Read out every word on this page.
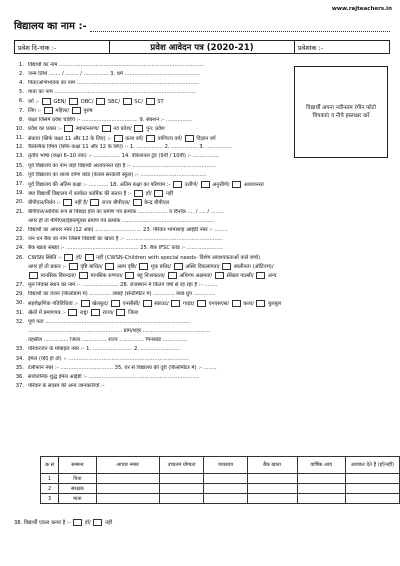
www.rajteachers.in
विद्यालय का नाम :-
प्रवेश दि-नांक :-	प्रवेश आवेदन पत्र (2020-21)	प्रवेशांक :-
विद्यार्थी अपना नवीनतम रंगीन फोटो चिपकाएं व नीचे हस्ताक्षर करें
1. विद्यार्थी का नाम ........................................................................................
2. जन्म तिथि ....... / ........ / ............... 3. धर्म ..............................................
4. पिता/अभिभावक का नाम ..........................................................................
5. माता का नाम ......................................................................................
6. वर्ग :-  GEN/  OBC/  SBC/  SC/  ST
7. लिंग :-  महिला/  पुरुष
8. कक्षा जिसमें प्रवेश चाहिये :- .................................. 9. सेक्शन :- ................
10. प्रवेश का प्रकार :-  स्थानान्तरण/  नव प्रवेश/  पुन: प्रवेश
11. संकाय (सिर्फ कक्षा 11 और 12 के लिए) :-  कला वर्ग/  वाणिज्य वर्ग/  विज्ञान वर्ग
12. वैकल्पिक विषय (सिर्फ कक्षा 11 और 12 के लिए) :- 1. ................ 2. ................ 3. ................
13. तृतीय भाषा (कक्षा 6–10 तक) :- ................ 14. वोकेशनल ट्रेड (9वीं / 10वीं) :- ................
15. पूर्व विद्यालय का नाम जहां विद्यार्थी अध्ययनरत रहा है :- ...................................................
16. पूर्व विद्यालय का शाला दर्पण कोड (केवल सरकारी स्कूल) :- ........................................
17. पूर्व विद्यालय की अंतिम कक्षा :- ............ 18. अंतिम कक्षा का परिणाम :-  उत्तीर्ण/  अनुत्तीर्ण/  अध्ययनरत
19. क्या विद्यार्थी विद्यालय में कार्यरत कार्मिक की संतान है :-  हाँ/  नहीं
20. बीपीएल/निर्धन :-  नहीं है/  राज्य बीपीएल/  केन्द्र बीपीएल
21. बीपीएल/आर्थिक रूप से पिछड़ा होने का प्रमाण पत्र क्रमांक .................. व दिनांक .... / .... / ........
अगर हाँ तो बीपीएल/ईडब्ल्यूएस प्रमाण पत्र क्रमांक ........................................................
22. विद्यार्थी का आधार नंबर (12 अंक) ............................ 23. परिवार भामाशाह आईडी नंबर :- ........
23. जन धन बैंक का नाम जिसमें विद्यार्थी का खाता है :- ...........................................................
24. बैंक खाता संख्या :- ............................................ 25. बैंक IFSC कोड :- ......................
26. CWSN स्थिति :-  हाँ/  नहीं (CWSN-Children with special needs- विशेष आवश्यकताओं वाले बच्चे)
अगर हाँ तो प्रकार :-  दृष्टि बाधित/  अल्प दृष्टि/  मूक बधिर/  अस्थि विकलांगता/  स्वलीनता (ऑटिज्म)/
मानसिक विमन्दता/  मानसिक रुग्णता/  बहु निःशक्तता/  अधिगम अक्षमता/  सेरेब्रल पाल्सी/  अन्य
27. मूल निवास स्थान का नाम :- ...................... 28. राजस्थान में कितने वर्षो से रह रहा है :- ........
29. विद्यार्थी का वजन (किलोग्राम में) ............. लंबाई (सेन्टीमीटर में) ............. ब्लड ग्रुप .............
30. सहशैक्षणिक गतिविधियां :-  खेलकूद/  एनसीसी/  स्काउट/  गाइड/  एनएसएस/  कला/  बुलबुल
31. खेलों में प्रमाणपत्र :-  राष्ट्र/  राज्य/  जिला
32. पूर्ण पता ........................................................................................
......................................................... ग्राम/शहर .........................................
तहसील ............... जिला ............... राज्य ............... पिनकोड ...............
33. परिवारजन के मोबाइल नंबर :- 1. ........................ 2. ........................
34. ईमेल (यदि हो तो) :- .........................................................................
35. टेलीफोन नंबर :- ................................ 35. घर से विद्यालय की दूरी (किलोमीटर में) :- ........
36. सार्वजनिक शुद्ध ईमेल आईडी :- ...................................................................
37. परिवार के सदस्य की अन्य जानकारियाँ :-
क्र सं	सम्बन्ध	आधार नम्बर	उच्चतम योग्यता	व्यवसाय	बैंक खाता	वार्षिक आय	आयकर देते हैं (हाँ/नहीं)
1	पिता						
2	संरक्षक						
3	माता						
38. विद्यार्थी एकल कन्या है :-  हाँ/  नहीं
